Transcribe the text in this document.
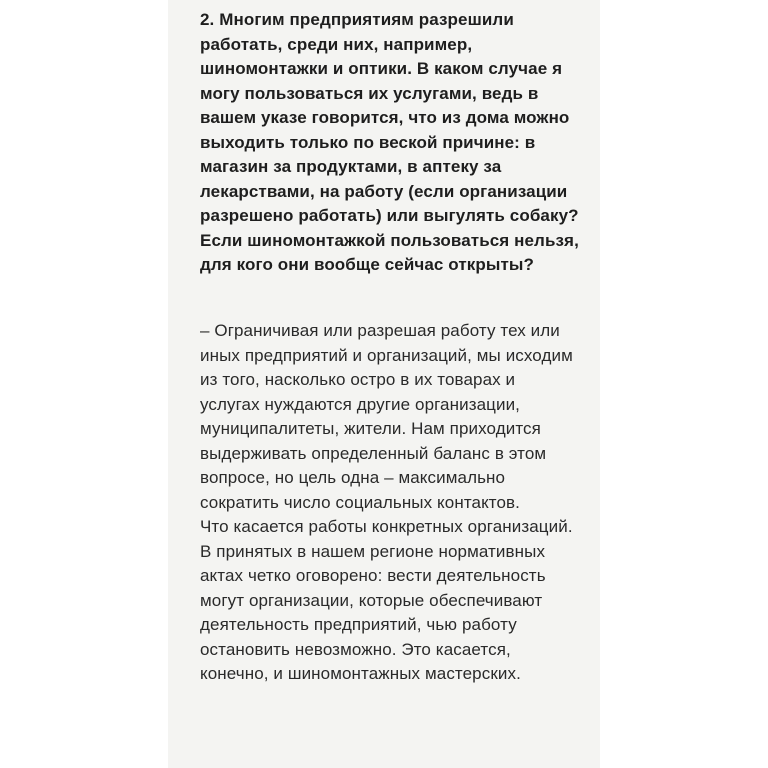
2. Многим предприятиям разрешили
работать, среди них, например,
шиномонтажки и оптики. В каком случае я
могу пользоваться их услугами, ведь в
вашем указе говорится, что из дома можно
выходить только по веской причине: в
магазин за продуктами, в аптеку за
лекарствами, на работу (если организации
разрешено работать) или выгулять собаку?
Если шиномонтажкой пользоваться нельзя,
для кого они вообще сейчас открыты?
– Ограничивая или разрешая работу тех или
иных предприятий и организаций, мы исходим
из того, насколько остро в их товарах и
услугах нуждаются другие организации,
муниципалитеты, жители. Нам приходится
выдерживать определенный баланс в этом
вопросе, но цель одна – максимально
сократить число социальных контактов.
Что касается работы конкретных организаций.
В принятых в нашем регионе нормативных
актах четко оговорено: вести деятельность
могут организации, которые обеспечивают
деятельность предприятий, чью работу
остановить невозможно. Это касается,
конечно, и шиномонтажных мастерских.
